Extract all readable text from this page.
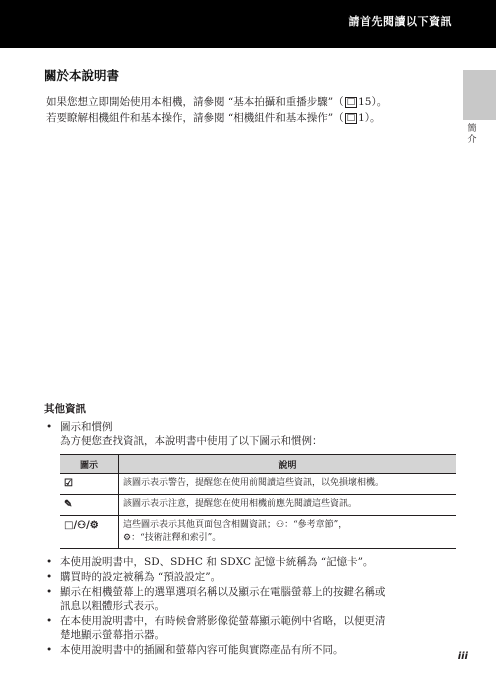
請首先閱讀以下資訊
簡介
關於本說明書

如果您想立即開始使用本相機，請參閱 “基本拍攝和重播步驟”（ □ 15）。

若要瞭解相機組件和基本操作，請參閱 “相機組件和基本操作”（ □ 1）。

其他資訊
• 圖示和慣例
為方便您查找資訊，本說明書中使用了以下圖示和慣例：
圖示	說明
☑	該圖示表示警告，提醒您在使用前閱讀這些資訊，以免損壞相機。
✎	該圖示表示注意，提醒您在使用相機前應先閱讀這些資訊。
□/⚇/⚙	這些圖示表示其他頁面包含相關資訊；⚇：“參考章節”，
⚙：“技術註釋和索引”。
• 本使用說明書中，SD、SDHC 和 SDXC 記憶卡統稱為 “記憶卡”。
• 購買時的設定被稱為 “預設設定”。
• 顯示在相機螢幕上的選單選項名稱以及顯示在電腦螢幕上的按鍵名稱或
訊息以粗體形式表示。
• 在本使用說明書中，有時候會將影像從螢幕顯示範例中省略，以便更清
楚地顯示螢幕指示器。
• 本使用說明書中的插圖和螢幕內容可能與實際產品有所不同。
iii
